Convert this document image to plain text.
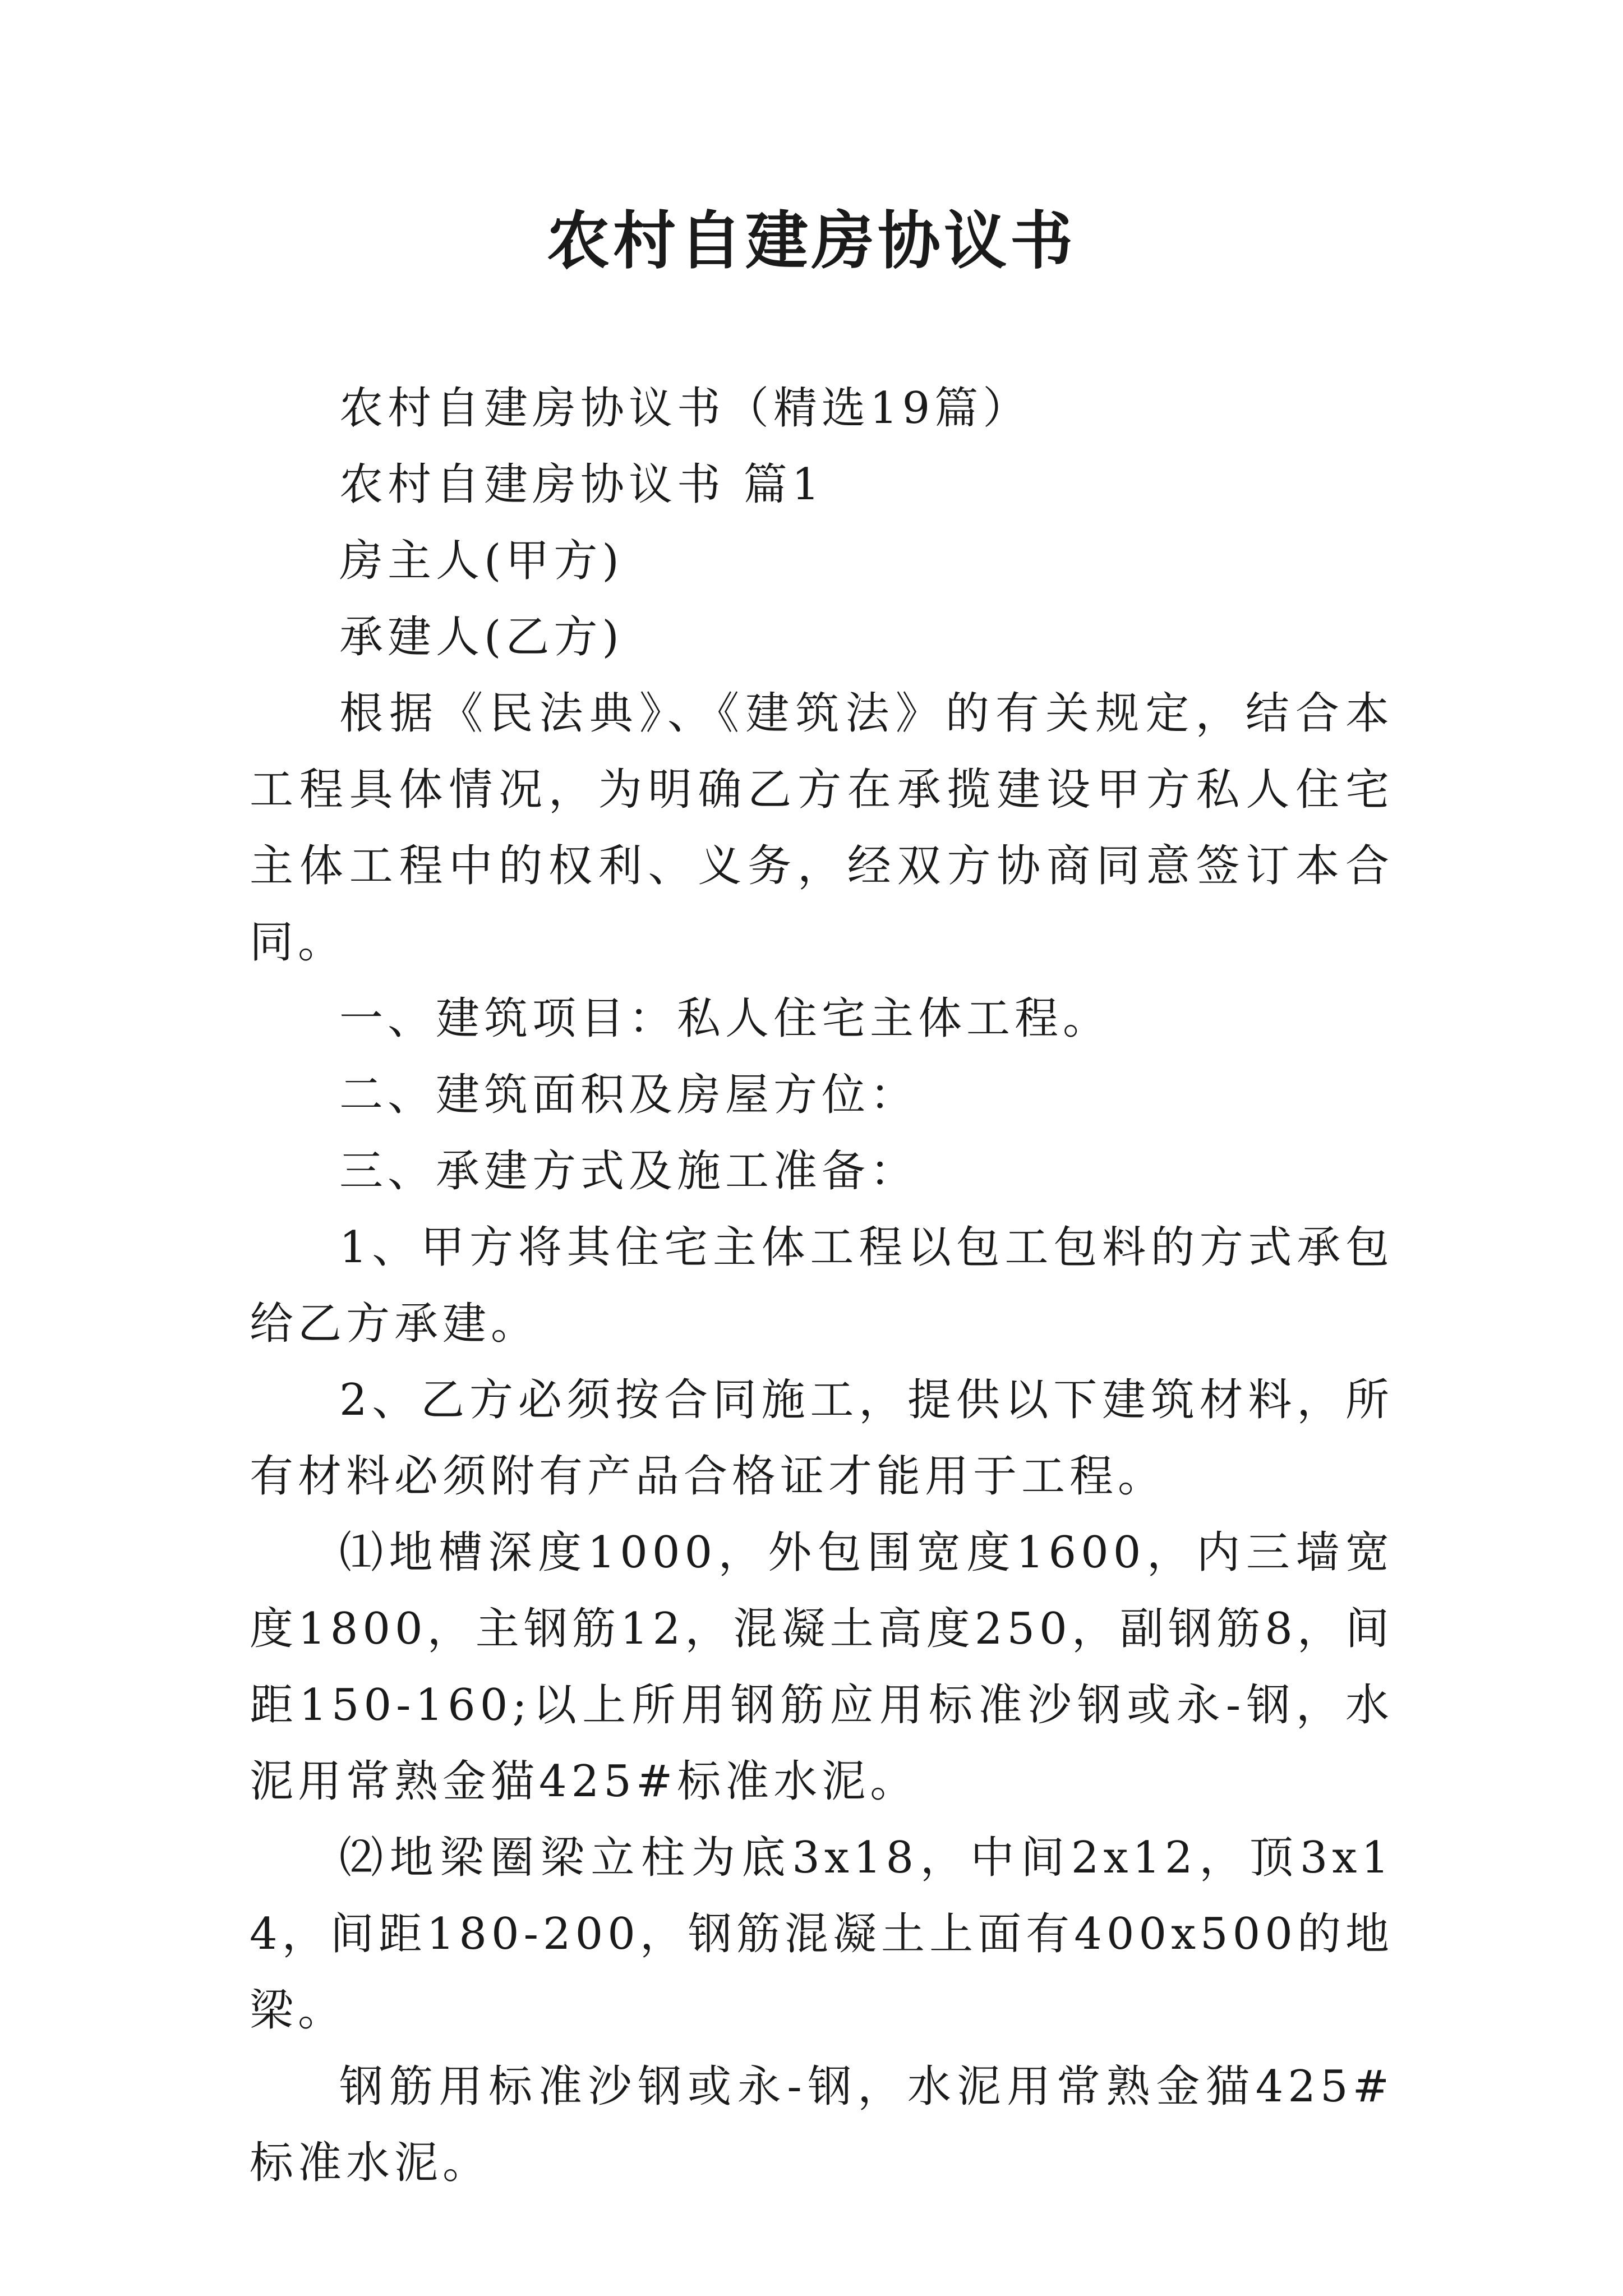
农村自建房协议书

农村自建房协议书（精选19篇）

农村自建房协议书 篇1

房主人(甲方)

承建人(乙方)

根据《民法典》、《建筑法》的有关规定，结合本工程具体情况，为明确乙方在承揽建设甲方私人住宅主体工程中的权利、义务，经双方协商同意签订本合同。

一、建筑项目：私人住宅主体工程。

二、建筑面积及房屋方位：

三、承建方式及施工准备：

1、甲方将其住宅主体工程以包工包料的方式承包给乙方承建。

2、乙方必须按合同施工，提供以下建筑材料，所有材料必须附有产品合格证才能用于工程。

⑴地槽深度1000，外包围宽度1600，内三墙宽度1800，主钢筋12，混凝土高度250，副钢筋8，间距150-160;以上所用钢筋应用标准沙钢或永-钢，水泥用常熟金猫425#标准水泥。

⑵地梁圈梁立柱为底3x18，中间2x12，顶3x14，间距180-200，钢筋混凝土上面有400x500的地梁。

钢筋用标准沙钢或永-钢，水泥用常熟金猫425#标准水泥。
